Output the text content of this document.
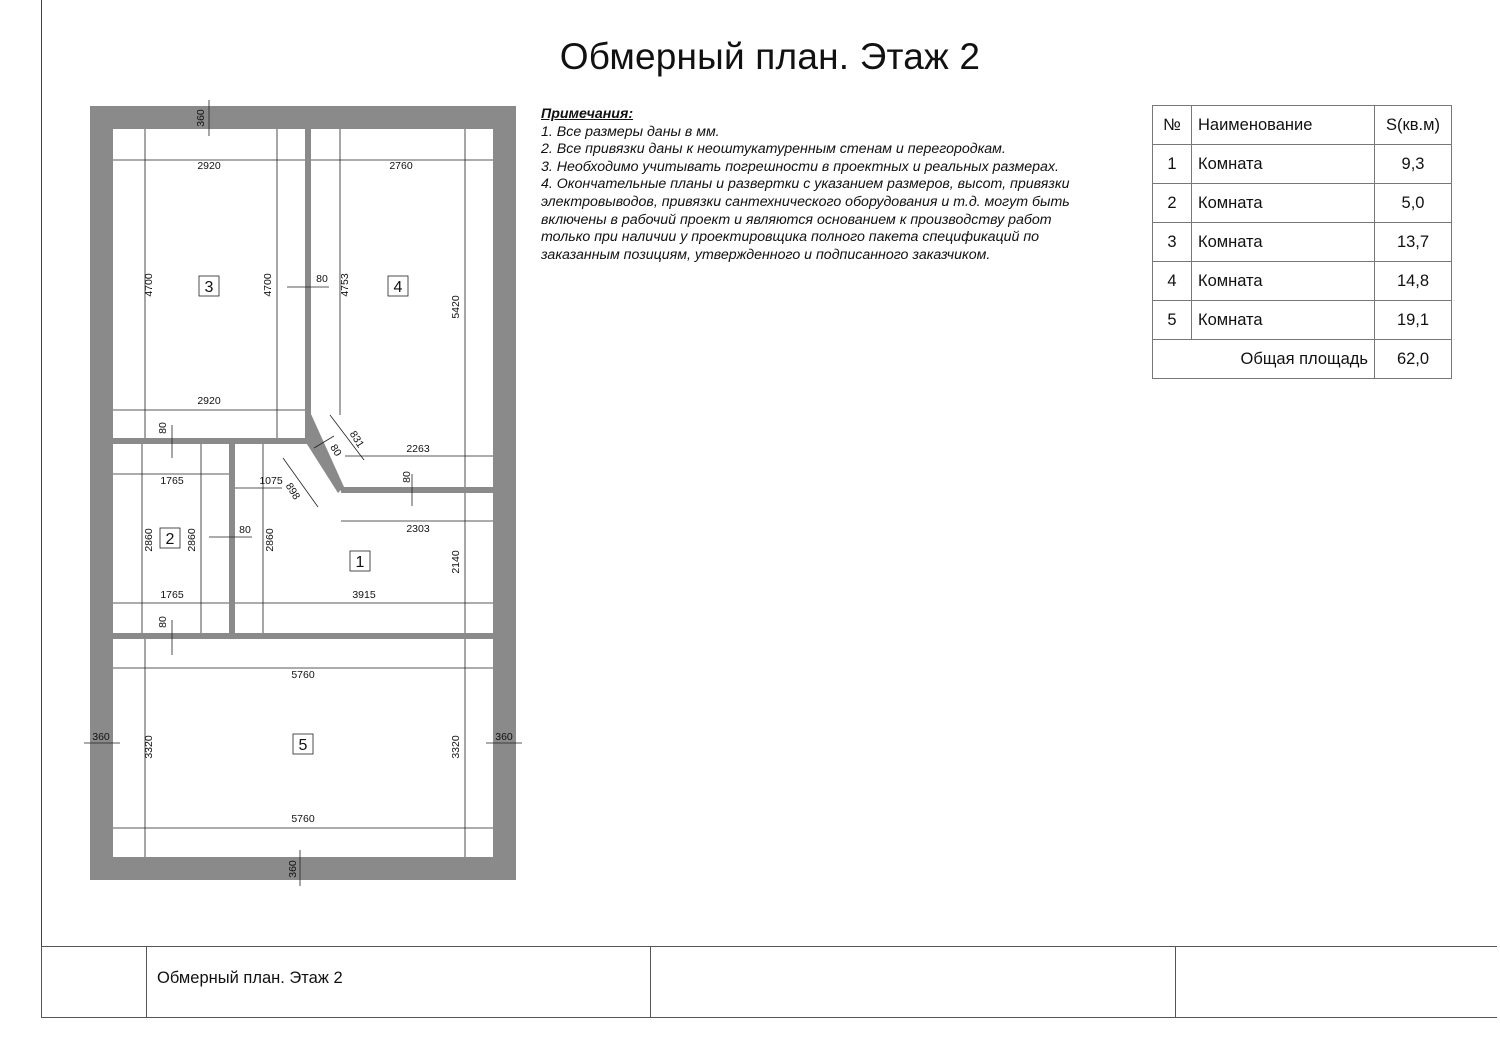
Обмерный план. Этаж 2
360
360
360	360
2920
2920
4700	4700
2760
4753
5420
80
80
831
80
898
2263
80
2303
1075
2860
2140
3915
1765
1765
2860	2860	80
80
5760
5760
3320	3320
3	4
2
1
5
Примечания:
1. Все размеры даны в мм.
2. Все привязки даны к неоштукатуренным стенам и перегородкам.
3. Необходимо учитывать погрешности в проектных и реальных размерах.
4. Окончательные планы и развертки с указанием размеров, высот, привязки
электровыводов, привязки сантехнического оборудования и т.д. могут быть
включены в рабочий проект и являются основанием к производству работ
только при наличии у проектировщика полного пакета спецификаций по
заказанным позициям, утвержденного и подписанного заказчиком.
№	Наименование	S(кв.м)
1	Комната	9,3
2	Комната	5,0
3	Комната	13,7
4	Комната	14,8
5	Комната	19,1
Общая площадь		62,0
Обмерный план. Этаж 2
